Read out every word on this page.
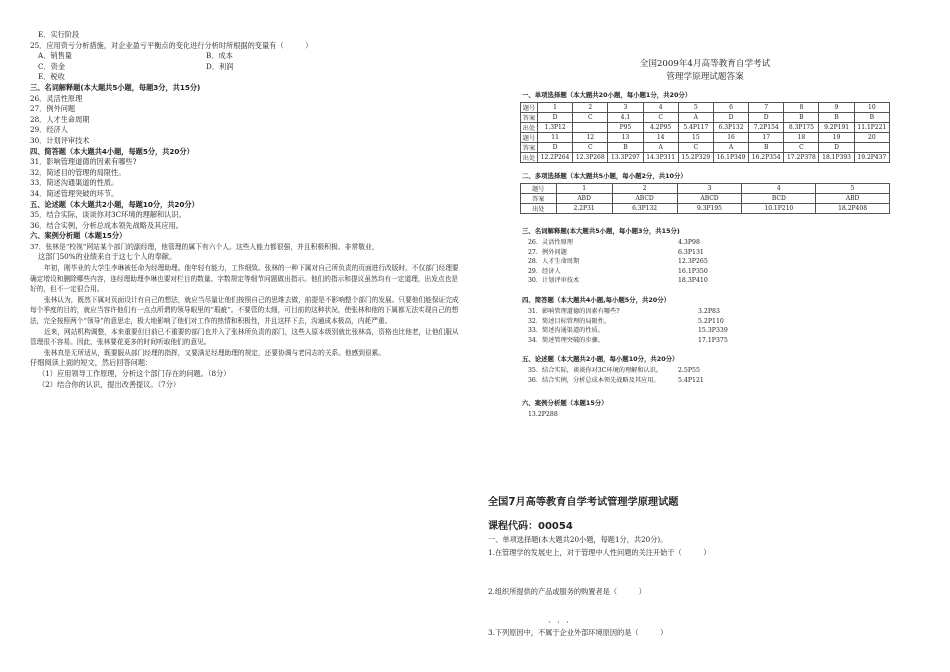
E．实行阶段
25．应用资亏分析措施，对企业盈亏平衡点的变化进行分析时所根据的变量有（　　　）
A．销售量	B．成本
C．资金	D．利润
E．税收
三、名词解释题(本大题共5小题，每题3分，共15分)
26．灵活性原理
27．例外问题
28．人才生命周期
29．经济人
30．计划评审技术
四、简答题（本大题共4小题，每题5分，共20分）
31．影响管理道德的因素有哪些?
32．简述目的管理的局限性。
33．简述沟通渠道的性质。
34．简述管理突破的环节。
五、论述题（本大题共2小题，每题10分，共20分）
35．结合实际，谈谈你对3C环境的理解和认识。
36．结合实例，分析总成本领先战略及其应用。
六、案例分析题（本题15分）
37．张林是“校视”网站某个部门的副经理，他管理的属下有六个人。这些人能力都很强，并且积极积极、非常敬业，
这部门50%的业绩来自于这七个人的奉献。
年初，刚毕业的大学生李琳被任命为经理助理。他年轻有能力，工作细致。张林的一种下属对自己所负责的页面进行改版时，不仅部门经理要确定增设和删除哪些内容，连经理助理李琳也要对栏目的数量、字数规定等细节问题做出指示。他们的指示和提议虽然均有一定道理，出发点也是好的，但不一定很合用。
张林认为，既然下属对页面设计有自己的想法，就应当尽量让他们按照自己的思维去做，前提是不影响整个部门的发展。只要他们能保证完成每个季度的目的，就应当容许他们有一点点所谓的领导眼里的“瑕疵”。不要管的太细，可目前的这种状况，使张林和他的下属都无法实现自己的想法，完全按照两个“领导”的意思走，极大地影响了他们对工作的热情和积极性，并且这样下去，沟通成本极高，内耗严重。
近来，网站机构调整，本来重要但目前已不重要的部门也并入了张林所负责的部门，这些人原本级别就比张林高，资格也比他老，让他们服从管理很不容易。因此，张林要花更多的时间听取他们的意见。
张林真是无所适从，既要服从部门经理的指挥，又要满足经理助理的规定，还要协调与老同志的关系。他感到很累。
仔细阅读上面的短文，然后回答问题：
（1）应用领导工作原理，分析这个部门存在的问题。（8分）
（2）结合你的认识，提出改善提议。（7分）
全国2009年4月高等教育自学考试
管理学原理试题答案
一、单项选择题（本大题共20小题，每小题1分，共20分）
题号	1	2	3	4	5	6	7	8	9	10
答案	D	C	4.1	C	A	D	D	B	B	B
出处	1.3P12		P95	4.2P95	5.4P117	6.3P132	7.2P154	8.3P175	9.2P191	11.1P221
题号	11	12	13	14	15	16	17	18	19	20
答案	D	C	B	A	C	A	B	C	D	
出处	12.2P264	12.3P268	13.3P297	14.3P311	15.2P329	16.1P349	16.2P354	17.2P378	18.1P393	19.2P437
二、多项选择题（本大题共5小题，每小题2分，共10分）
题号	1	2	3	4	5
答案	ABD	ABCD	ABCD	BCD	ABD
出处	2.2P31	6.3P132	9.3P195	10.1P210	18.2P408
三、名词解释题(本大题共5小题，每小题3分，共15分)
26．灵活性原理	4.3P98
27．例外问题	6.3P131
28．人才生命周期	12.3P265
29．经济人	16.1P350
30．计划评审技术	18.3P410
四、简答题（本大题共4小题,每小题5分，共20分）
31．影响管理道德的因素有哪些?	3.2P83
32．简述目标管理的局限性。	5.2P110
33．简述沟通渠道的性质。	15.3P339
34．简述管理突破的步骤。	17.1P375
五、论述题（本大题共2小题，每小题10分，共20分）
35．结合实际，谈谈你对3C环境的理解和认识。	2.5P55
36．结合实例，分析总成本领先战略及其应用。	5.4P121
六、案例分析题（本题15分）
13.2P288
全国7月高等教育自学考试管理学原理试题
课程代码：00054
一、单项选择题(本大题共20小题，每题1分，共20分)。
1.在管理学的发展史上，对于管理中人性问题的关注开始于（　　　）
2.组织所提供的产品或服务的购置者是（　　　）
· · ·
3.下列原因中，不属于企业外部环境原因的是（　　　）
